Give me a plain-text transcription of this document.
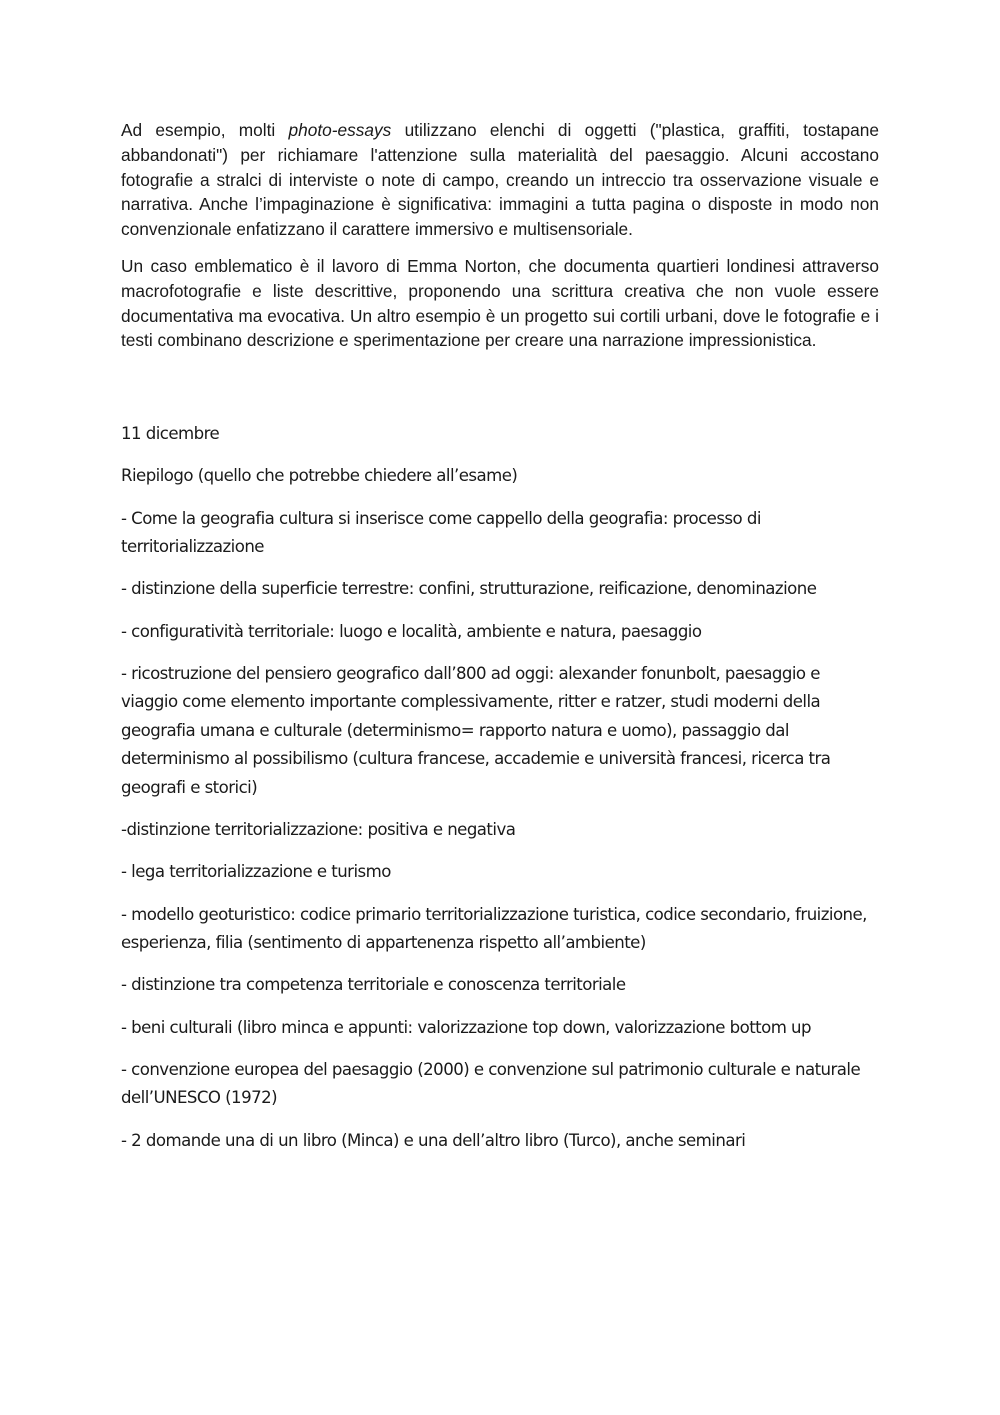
Ad esempio, molti photo-essays utilizzano elenchi di oggetti ("plastica, graffiti, tostapane abbandonati") per richiamare l'attenzione sulla materialità del paesaggio. Alcuni accostano fotografie a stralci di interviste o note di campo, creando un intreccio tra osservazione visuale e narrativa. Anche l’impaginazione è significativa: immagini a tutta pagina o disposte in modo non convenzionale enfatizzano il carattere immersivo e multisensoriale.

Un caso emblematico è il lavoro di Emma Norton, che documenta quartieri londinesi attraverso macrofotografie e liste descrittive, proponendo una scrittura creativa che non vuole essere documentativa ma evocativa. Un altro esempio è un progetto sui cortili urbani, dove le fotografie e i testi combinano descrizione e sperimentazione per creare una narrazione impressionistica.

11 dicembre

Riepilogo (quello che potrebbe chiedere all’esame)

- Come la geografia cultura si inserisce come cappello della geografia: processo di territorializzazione

- distinzione della superficie terrestre: confini, strutturazione, reificazione, denominazione

- configuratività territoriale: luogo e località, ambiente e natura, paesaggio

- ricostruzione del pensiero geografico dall’800 ad oggi: alexander fonunbolt, paesaggio e viaggio come elemento importante complessivamente, ritter e ratzer, studi moderni della geografia umana e culturale (determinismo= rapporto natura e uomo), passaggio dal determinismo al possibilismo (cultura francese, accademie e università francesi, ricerca tra geografi e storici)

-distinzione territorializzazione: positiva e negativa

- lega territorializzazione e turismo

- modello geoturistico: codice primario territorializzazione turistica, codice secondario, fruizione, esperienza, filia (sentimento di appartenenza rispetto all’ambiente)

- distinzione tra competenza territoriale e conoscenza territoriale

- beni culturali (libro minca e appunti: valorizzazione top down, valorizzazione bottom up

- convenzione europea del paesaggio (2000) e convenzione sul patrimonio culturale e naturale dell’UNESCO (1972)

- 2 domande una di un libro (Minca) e una dell’altro libro (Turco), anche seminari
